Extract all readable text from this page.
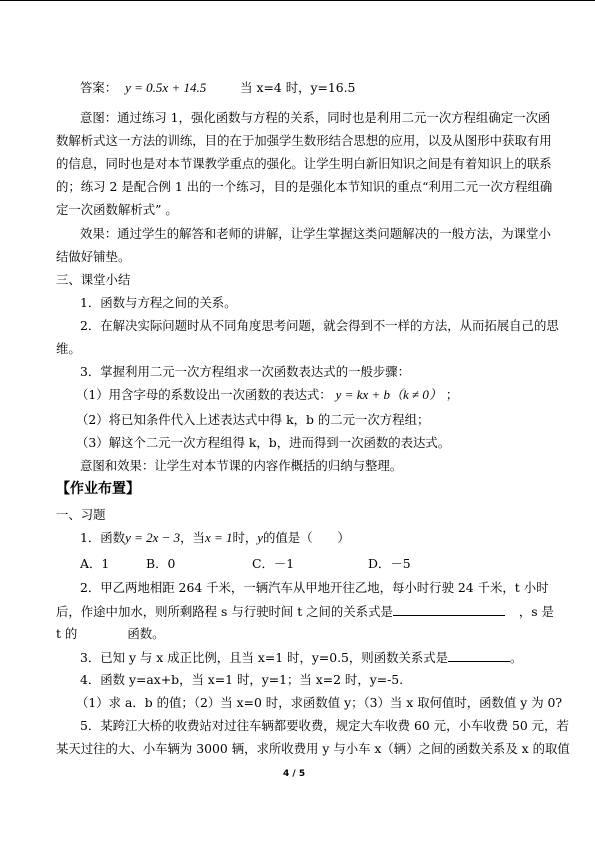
答案： y = 0.5x + 14.5	当 x=4 时，y=16.5
意图：通过练习 1，强化函数与方程的关系，同时也是利用二元一次方程组确定一次函
数解析式这一方法的训练，目的在于加强学生数形结合思想的应用，以及从图形中获取有用
的信息，同时也是对本节课教学重点的强化。让学生明白新旧知识之间是有着知识上的联系
的；练习 2 是配合例 1 出的一个练习，目的是强化本节知识的重点“利用二元一次方程组确
定一次函数解析式” 。
效果：通过学生的解答和老师的讲解，让学生掌握这类问题解决的一般方法，为课堂小
结做好铺垫。
三、课堂小结
1．函数与方程之间的关系。
2．在解决实际问题时从不同角度思考问题，就会得到不一样的方法，从而拓展自己的思
维。
3．掌握利用二元一次方程组求一次函数表达式的一般步骤：
（1）用含字母的系数设出一次函数的表达式： y = kx + b（k ≠ 0） ；
（2）将已知条件代入上述表达式中得 k，b 的二元一次方程组；
（3）解这个二元一次方程组得 k，b，进而得到一次函数的表达式。
意图和效果：让学生对本节课的内容作概括的归纳与整理。
【作业布置】
一、习题
1．函数y = 2x − 3，当x = 1时，y的值是（　　）
A．1	B．0	C．－1	D．－5
2．甲乙两地相距 264 千米，一辆汽车从甲地开往乙地，每小时行驶 24 千米，t 小时
后，作途中加水，则所剩路程 s 与行驶时间 t 之间的关系式是	，s 是
t 的	函数。
3．已知 y 与 x 成正比例，且当 x=1 时，y=0.5，则函数关系式是	。
4．函数 y=ax+b，当 x=1 时，y=1；当 x=2 时，y=-5.
（1）求 a．b 的值；（2）当 x=0 时，求函数值 y；（3）当 x 取何值时，函数值 y 为 0?
5．某跨江大桥的收费站对过往车辆都要收费，规定大车收费 60 元，小车收费 50 元，若
某天过往的大、小车辆为 3000 辆，求所收费用 y 与小车 x（辆）之间的函数关系及 x 的取值
4 / 5
